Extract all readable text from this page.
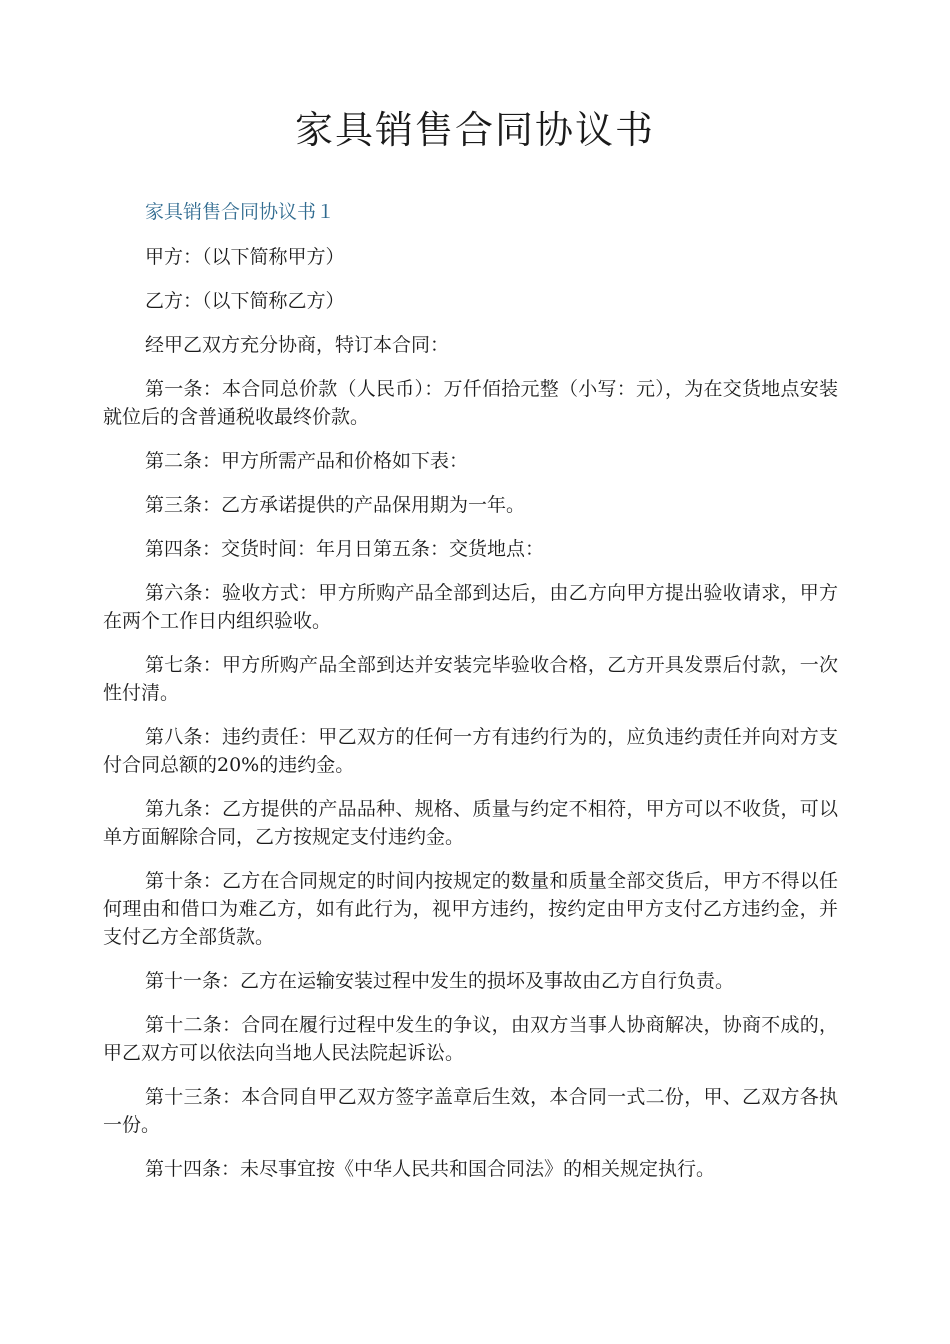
家具销售合同协议书

家具销售合同协议书１

甲方：（以下简称甲方）

乙方：（以下简称乙方）

经甲乙双方充分协商，特订本合同：

第一条：本合同总价款（人民币）：万仟佰拾元整（小写：元），为在交货地点安装就位后的含普通税收最终价款。

第二条：甲方所需产品和价格如下表：

第三条：乙方承诺提供的产品保用期为一年。

第四条：交货时间：年月日第五条：交货地点：

第六条：验收方式：甲方所购产品全部到达后，由乙方向甲方提出验收请求，甲方在两个工作日内组织验收。

第七条：甲方所购产品全部到达并安装完毕验收合格，乙方开具发票后付款，一次性付清。

第八条：违约责任：甲乙双方的任何一方有违约行为的，应负违约责任并向对方支付合同总额的20%的违约金。

第九条：乙方提供的产品品种、规格、质量与约定不相符，甲方可以不收货，可以单方面解除合同，乙方按规定支付违约金。

第十条：乙方在合同规定的时间内按规定的数量和质量全部交货后，甲方不得以任何理由和借口为难乙方，如有此行为，视甲方违约，按约定由甲方支付乙方违约金，并支付乙方全部货款。

第十一条：乙方在运输安装过程中发生的损坏及事故由乙方自行负责。

第十二条：合同在履行过程中发生的争议，由双方当事人协商解决，协商不成的，甲乙双方可以依法向当地人民法院起诉讼。

第十三条：本合同自甲乙双方签字盖章后生效，本合同一式二份，甲、乙双方各执一份。

第十四条：未尽事宜按《中华人民共和国合同法》的相关规定执行。
